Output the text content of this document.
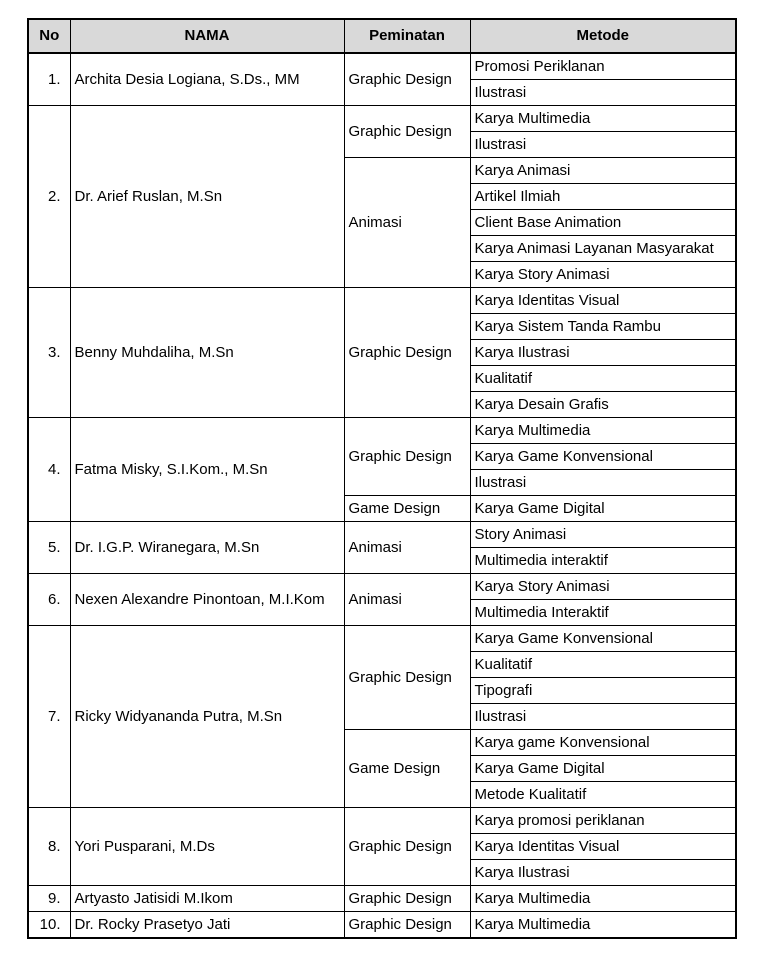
No	NAMA	Peminatan	Metode
1.	Archita Desia Logiana, S.Ds., MM	Graphic Design	Promosi Periklanan
			Ilustrasi
2.	Dr. Arief Ruslan, M.Sn	Graphic Design	Karya Multimedia
			Ilustrasi
		Animasi	Karya Animasi
			Artikel Ilmiah
			Client Base Animation
			Karya Animasi Layanan Masyarakat
			Karya Story Animasi
3.	Benny Muhdaliha, M.Sn	Graphic Design	Karya Identitas Visual
			Karya Sistem Tanda Rambu
			Karya Ilustrasi
			Kualitatif
			Karya Desain Grafis
4.	Fatma Misky, S.I.Kom., M.Sn	Graphic Design	Karya Multimedia
			Karya Game Konvensional
			Ilustrasi
		Game Design	Karya Game Digital
5.	Dr. I.G.P. Wiranegara, M.Sn	Animasi	Story Animasi
			Multimedia interaktif
6.	Nexen Alexandre Pinontoan, M.I.Kom	Animasi	Karya Story Animasi
			Multimedia Interaktif
7.	Ricky Widyananda Putra, M.Sn	Graphic Design	Karya Game Konvensional
			Kualitatif
			Tipografi
			Ilustrasi
		Game Design	Karya game Konvensional
			Karya Game Digital
			Metode Kualitatif
8.	Yori Pusparani, M.Ds	Graphic Design	Karya promosi periklanan
			Karya Identitas Visual
			Karya Ilustrasi
9.	Artyasto Jatisidi M.Ikom	Graphic Design	Karya Multimedia
10.	Dr. Rocky Prasetyo Jati	Graphic Design	Karya Multimedia
